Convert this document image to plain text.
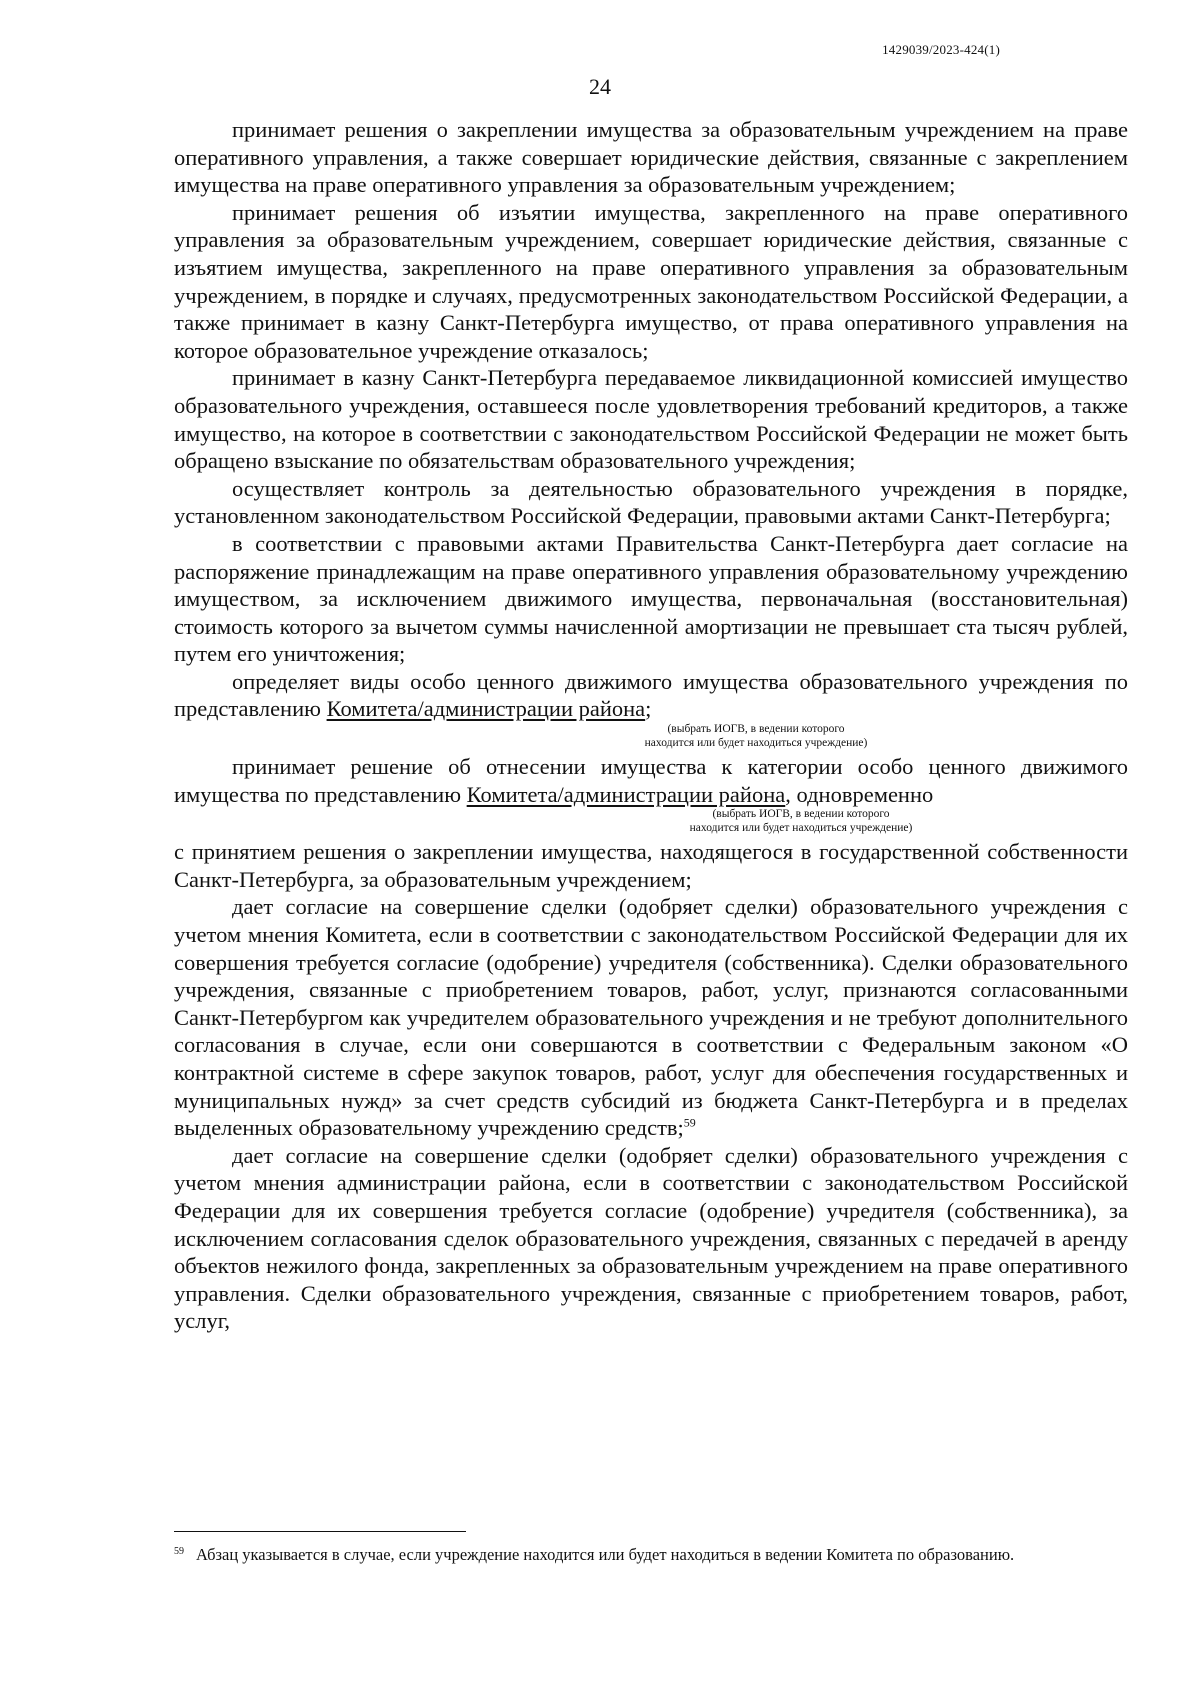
1429039/2023-424(1)
24

принимает решения о закреплении имущества за образовательным учреждением на праве оперативного управления, а также совершает юридические действия, связанные с закреплением имущества на праве оперативного управления за образовательным учреждением;

принимает решения об изъятии имущества, закрепленного на праве оперативного управления за образовательным учреждением, совершает юридические действия, связанные с изъятием имущества, закрепленного на праве оперативного управления за образовательным учреждением, в порядке и случаях, предусмотренных законодательством Российской Федерации, а также принимает в казну Санкт-Петербурга имущество, от права оперативного управления на которое образовательное учреждение отказалось;

принимает в казну Санкт-Петербурга передаваемое ликвидационной комиссией имущество образовательного учреждения, оставшееся после удовлетворения требований кредиторов, а также имущество, на которое в соответствии с законодательством Российской Федерации не может быть обращено взыскание по обязательствам образовательного учреждения;

осуществляет контроль за деятельностью образовательного учреждения в порядке, установленном законодательством Российской Федерации, правовыми актами Санкт-Петербурга;

в соответствии с правовыми актами Правительства Санкт-Петербурга дает согласие на распоряжение принадлежащим на праве оперативного управления образовательному учреждению имуществом, за исключением движимого имущества, первоначальная (восстановительная) стоимость которого за вычетом суммы начисленной амортизации не превышает ста тысяч рублей, путем его уничтожения;

определяет виды особо ценного движимого имущества образовательного учреждения по представлению Комитета/администрации района;

(выбрать ИОГВ, в ведении которого

находится или будет находиться учреждение)

принимает решение об отнесении имущества к категории особо ценного движимого имущества по представлению Комитета/администрации района, одновременно

(выбрать ИОГВ, в ведении которого

находится или будет находиться учреждение)

с принятием решения о закреплении имущества, находящегося в государственной собственности Санкт-Петербурга, за образовательным учреждением;

дает согласие на совершение сделки (одобряет сделки) образовательного учреждения с учетом мнения Комитета, если в соответствии с законодательством Российской Федерации для их совершения требуется согласие (одобрение) учредителя (собственника). Сделки образовательного учреждения, связанные с приобретением товаров, работ, услуг, признаются согласованными Санкт-Петербургом как учредителем образовательного учреждения и не требуют дополнительного согласования в случае, если они совершаются в соответствии с Федеральным законом «О контрактной системе в сфере закупок товаров, работ, услуг для обеспечения государственных и муниципальных нужд» за счет средств субсидий из бюджета Санкт-Петербурга и в пределах выделенных образовательному учреждению средств;$^{59}$

дает согласие на совершение сделки (одобряет сделки) образовательного учреждения с учетом мнения администрации района, если в соответствии с законодательством Российской Федерации для их совершения требуется согласие (одобрение) учредителя (собственника), за исключением согласования сделок образовательного учреждения, связанных с передачей в аренду объектов нежилого фонда, закрепленных за образовательным учреждением на праве оперативного управления. Сделки образовательного учреждения, связанные с приобретением товаров, работ, услуг,

$^{59}$ Абзац указывается в случае, если учреждение находится или будет находиться в ведении Комитета по образованию.
